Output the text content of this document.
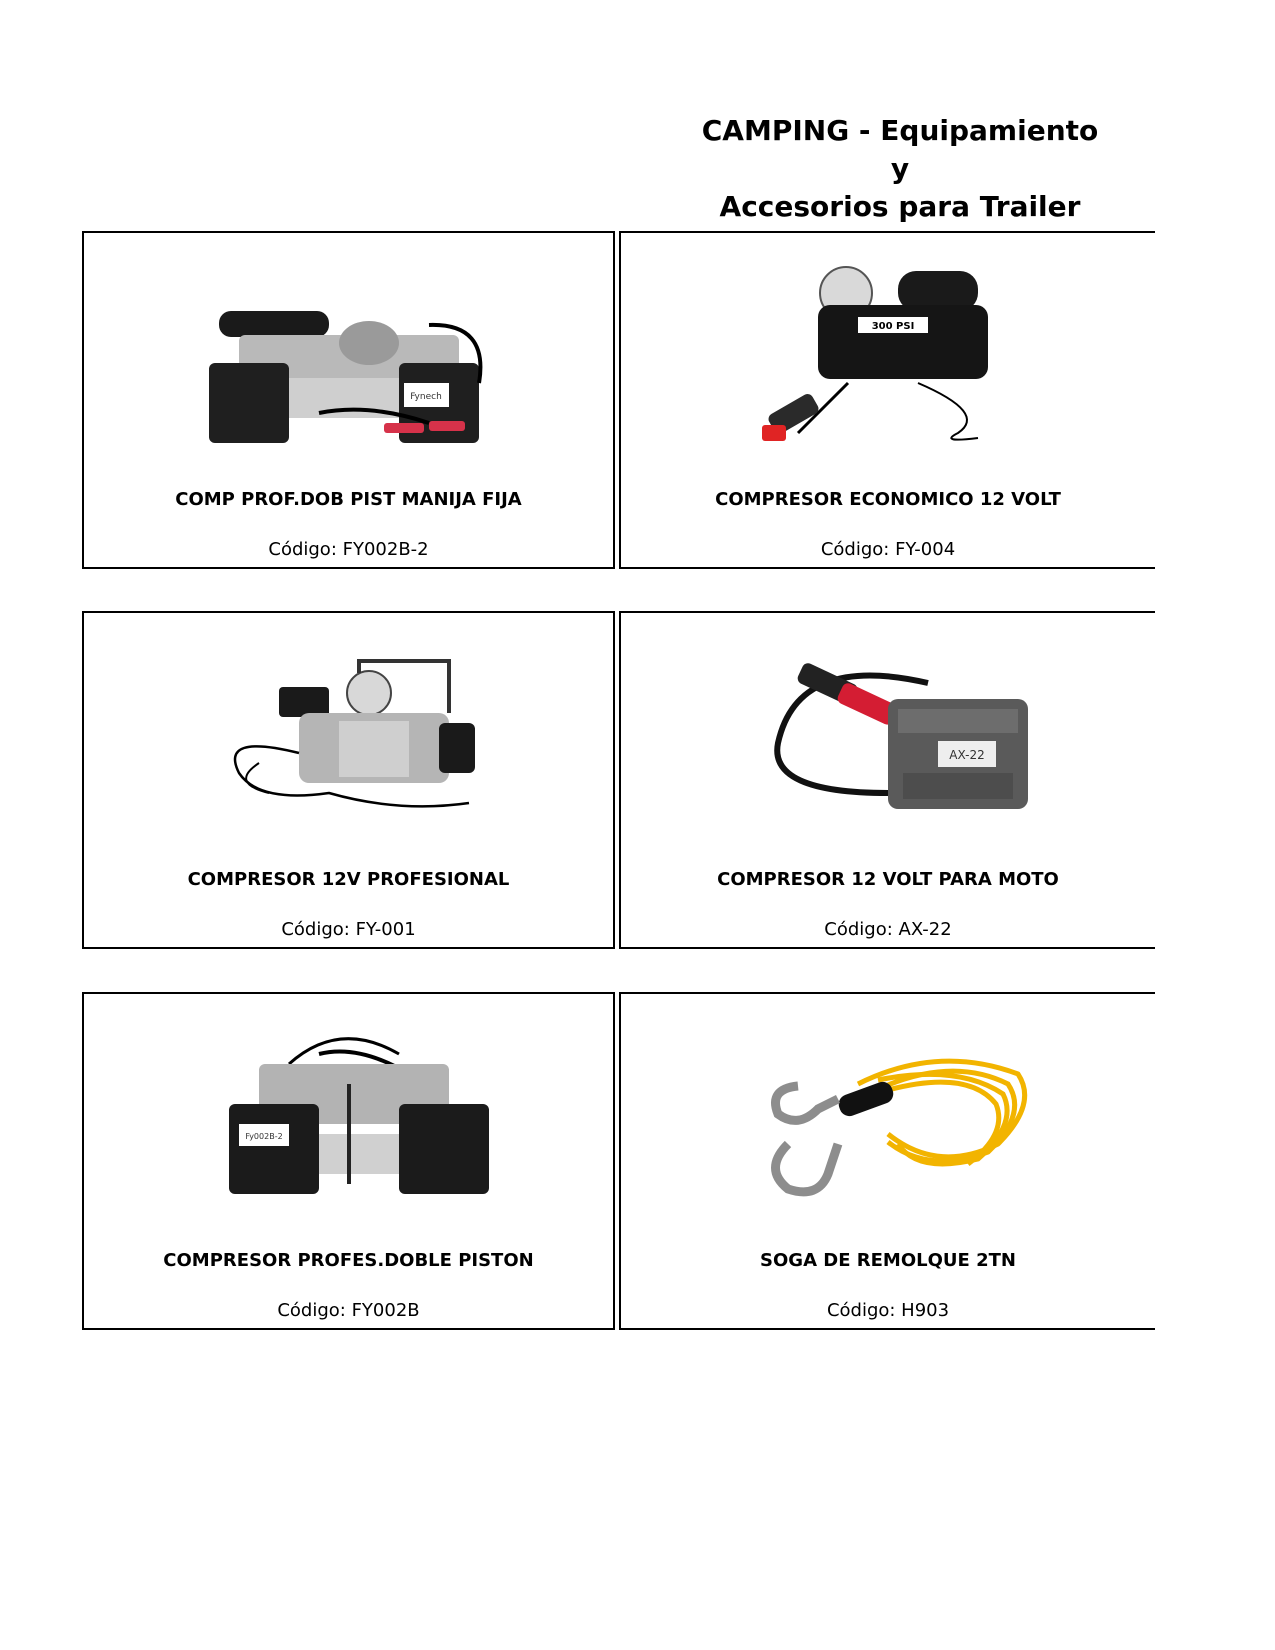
CAMPING - Equipamiento y
Accesorios para Trailer
Fynech
COMP PROF.DOB PIST MANIJA FIJA
Código: FY002B-2
300 PSI
COMPRESOR ECONOMICO 12 VOLT
Código: FY-004
COMPRESOR 12V PROFESIONAL
Código: FY-001
AX-22
COMPRESOR 12 VOLT PARA MOTO
Código: AX-22
Fy002B-2
COMPRESOR PROFES.DOBLE PISTON
Código: FY002B
SOGA DE REMOLQUE 2TN
Código: H903
